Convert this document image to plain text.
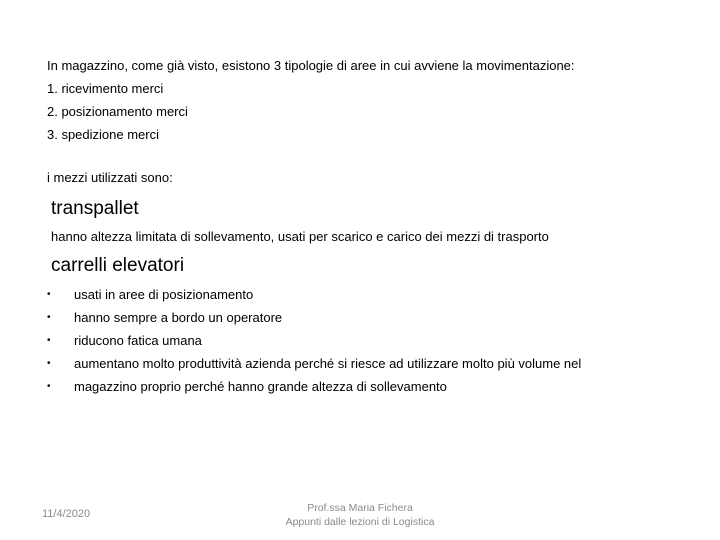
In magazzino, come già visto, esistono 3 tipologie di aree in cui avviene la movimentazione:
1. ricevimento merci
2. posizionamento merci
3. spedizione merci
i mezzi utilizzati sono:
transpallet
hanno altezza limitata di sollevamento, usati per scarico e carico dei mezzi di trasporto
carrelli elevatori
• usati in aree di posizionamento
• hanno sempre a bordo un operatore
• riducono fatica umana
• aumentano molto produttività azienda perché si riesce ad utilizzare molto più volume nel
• magazzino proprio perché hanno grande altezza di sollevamento
11/4/2020	Prof.ssa Maria Fichera
Appunti dalle lezioni di Logistica
